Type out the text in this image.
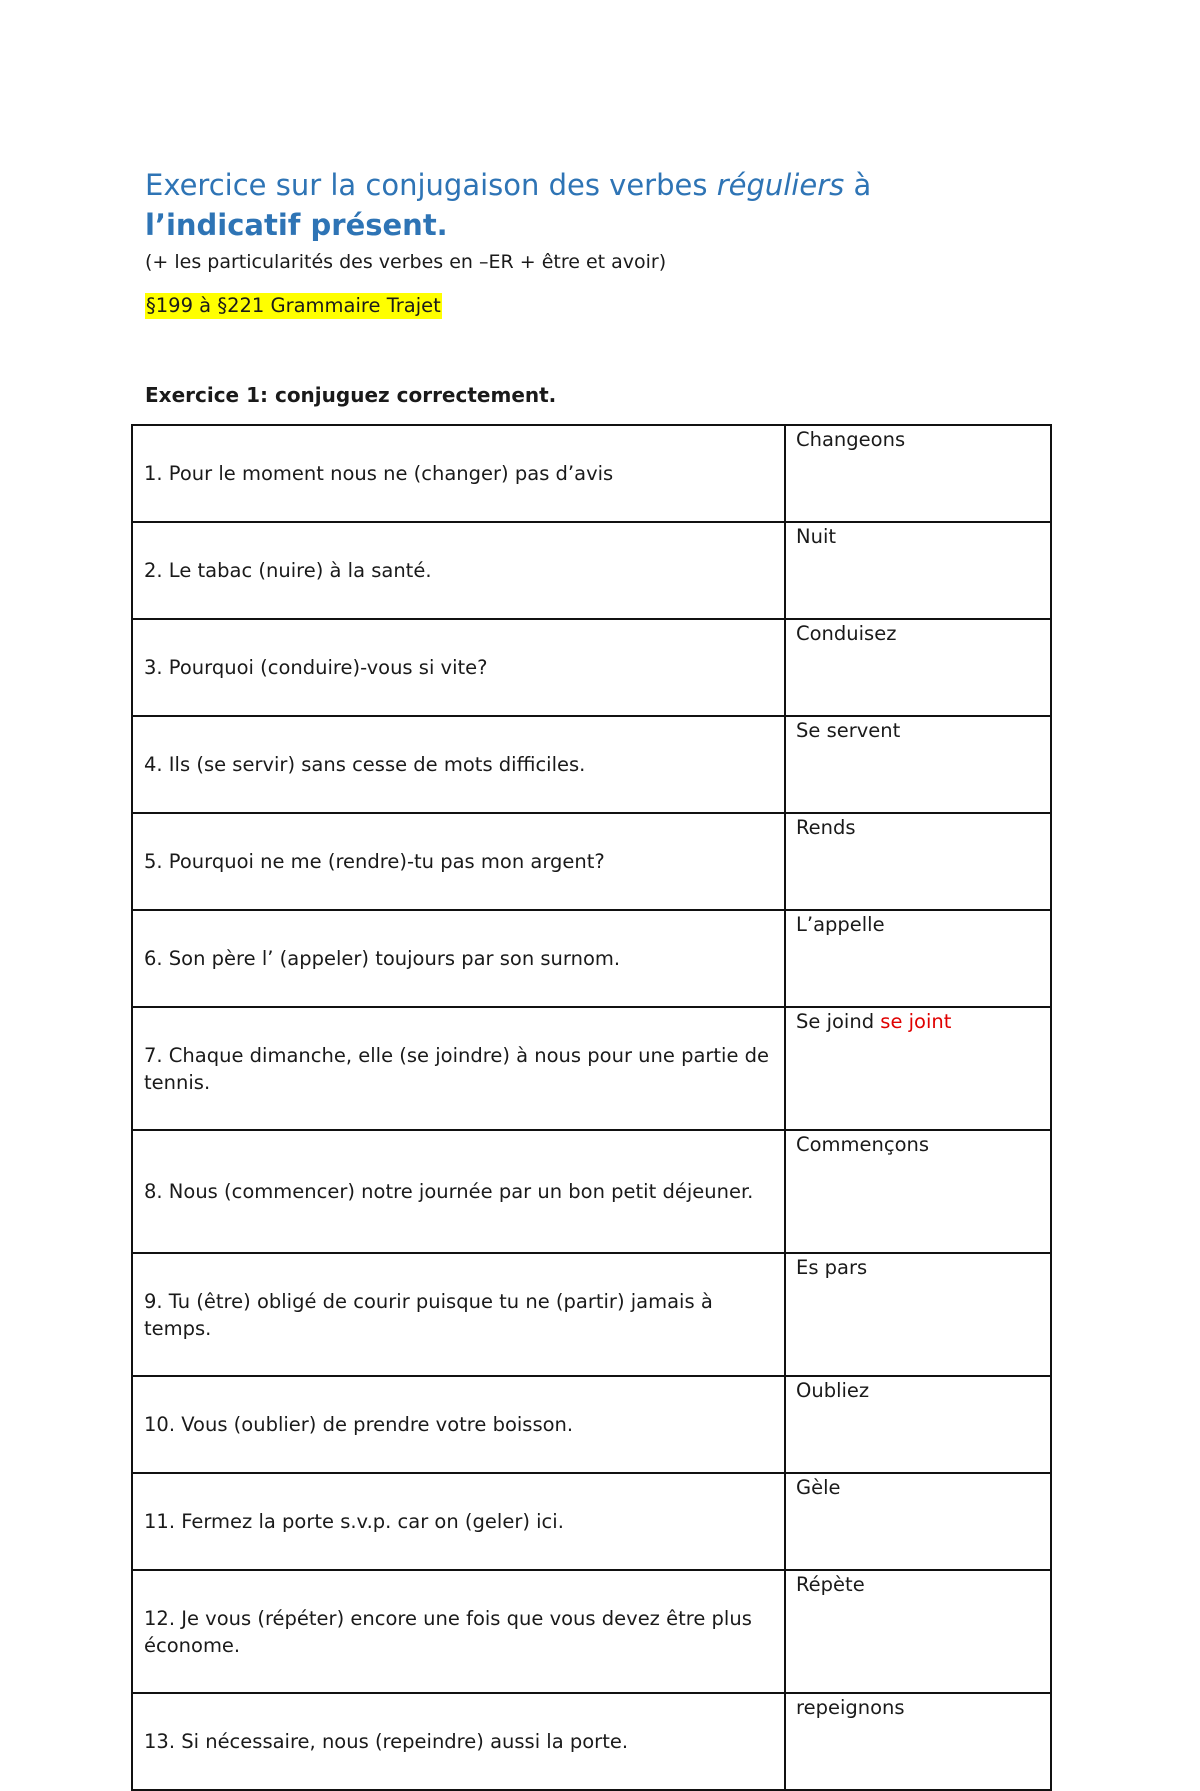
Exercice sur la conjugaison des verbes réguliers à
l’indicatif présent.
(+ les particularités des verbes en –ER + être et avoir)
§199 à §221 Grammaire Trajet
Exercice 1: conjuguez correctement.
1. Pour le moment nous ne (changer) pas d’avis	Changeons
2. Le tabac (nuire) à la santé.	Nuit
3. Pourquoi (conduire)-vous si vite?	Conduisez
4. Ils (se servir) sans cesse de mots difficiles.	Se servent
5. Pourquoi ne me (rendre)-tu pas mon argent?	Rends
6. Son père l’ (appeler) toujours par son surnom.	L’appelle
7. Chaque dimanche, elle (se joindre) à nous pour une partie de tennis.	Se joind se joint
8. Nous (commencer) notre journée par un bon petit déjeuner.	Commençons
9. Tu (être) obligé de courir puisque tu ne (partir) jamais à temps.	Es pars
10. Vous (oublier) de prendre votre boisson.	Oubliez
11. Fermez la porte s.v.p. car on (geler) ici.	Gèle
12. Je vous (répéter) encore une fois que vous devez être plus économe.	Répète
13. Si nécessaire, nous (repeindre) aussi la porte.	repeignons
